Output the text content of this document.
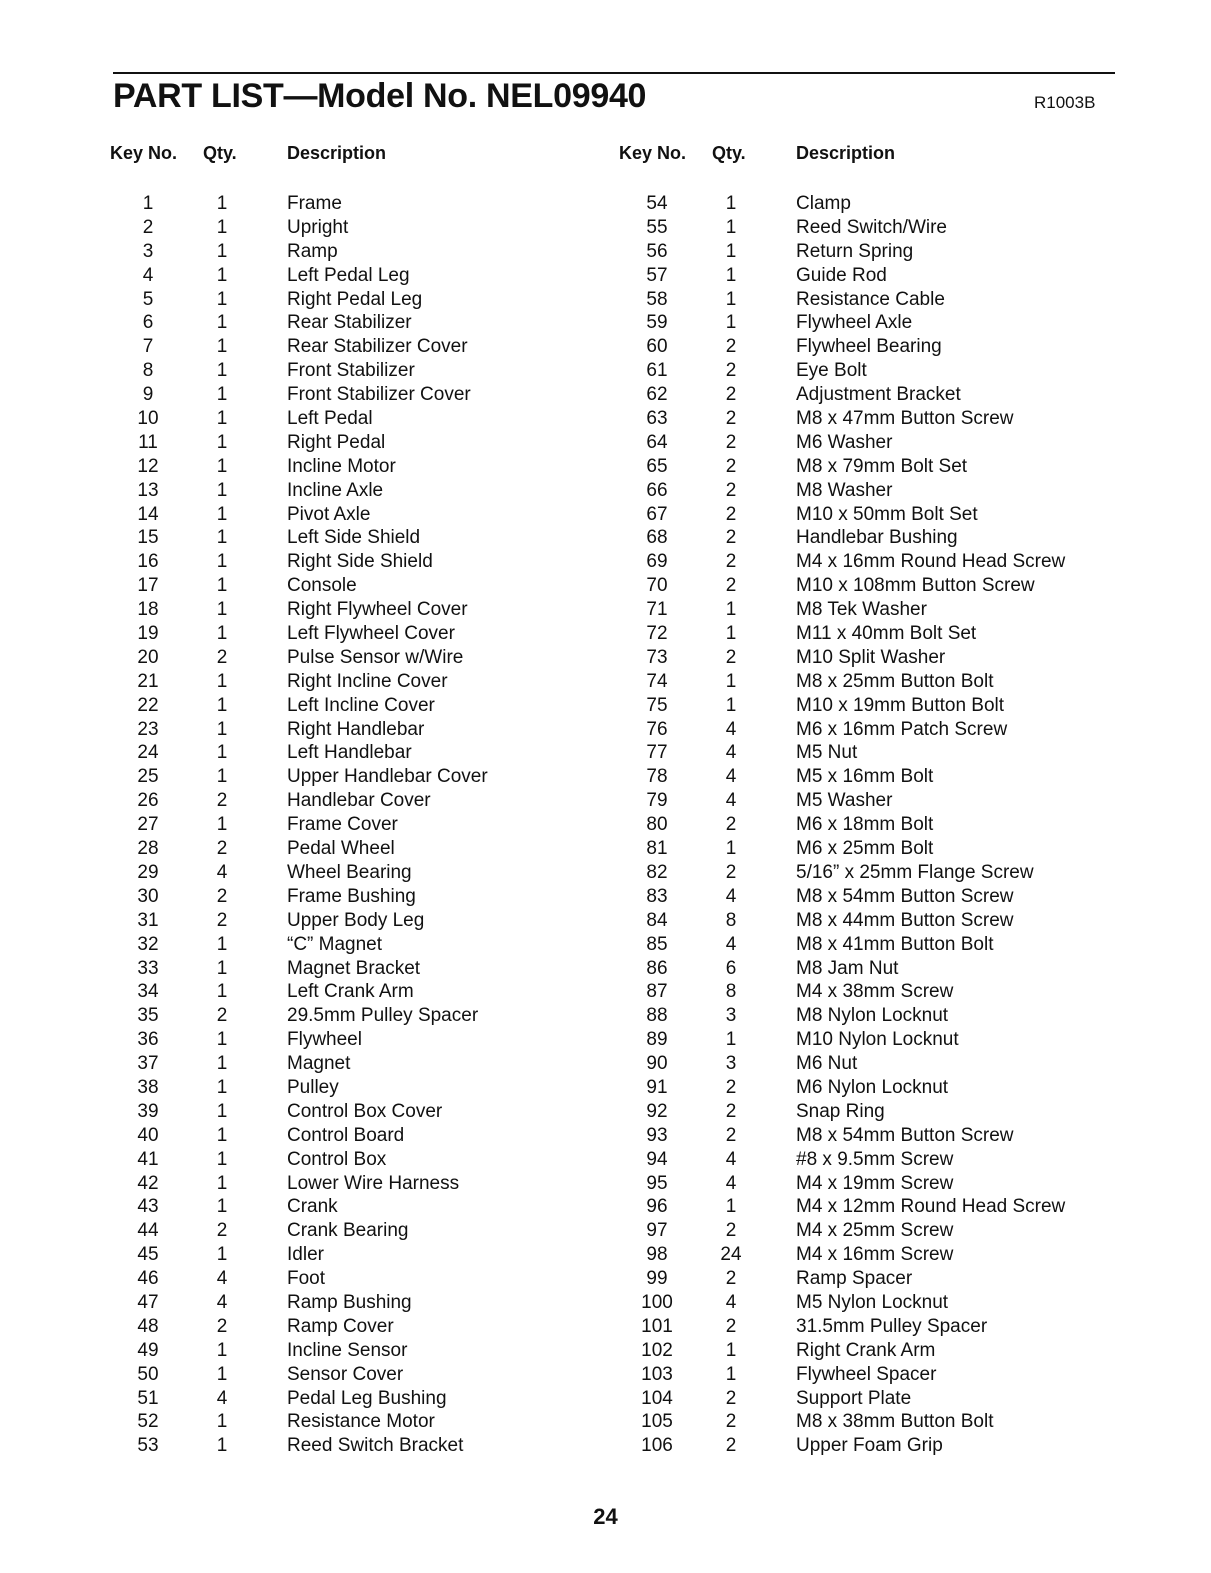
PART LIST—Model No. NEL09940	R1003B
Key No. Qty.	Description
1	1	Frame
2	1	Upright
3	1	Ramp
4	1	Left Pedal Leg
5	1	Right Pedal Leg
6	1	Rear Stabilizer
7	1	Rear Stabilizer Cover
8	1	Front Stabilizer
9	1	Front Stabilizer Cover
10	1	Left Pedal
11	1	Right Pedal
12	1	Incline Motor
13	1	Incline Axle
14	1	Pivot Axle
15	1	Left Side Shield
16	1	Right Side Shield
17	1	Console
18	1	Right Flywheel Cover
19	1	Left Flywheel Cover
20	2	Pulse Sensor w/Wire
21	1	Right Incline Cover
22	1	Left Incline Cover
23	1	Right Handlebar
24	1	Left Handlebar
25	1	Upper Handlebar Cover
26	2	Handlebar Cover
27	1	Frame Cover
28	2	Pedal Wheel
29	4	Wheel Bearing
30	2	Frame Bushing
31	2	Upper Body Leg
32	1	“C” Magnet
33	1	Magnet Bracket
34	1	Left Crank Arm
35	2	29.5mm Pulley Spacer
36	1	Flywheel
37	1	Magnet
38	1	Pulley
39	1	Control Box Cover
40	1	Control Board
41	1	Control Box
42	1	Lower Wire Harness
43	1	Crank
44	2	Crank Bearing
45	1	Idler
46	4	Foot
47	4	Ramp Bushing
48	2	Ramp Cover
49	1	Incline Sensor
50	1	Sensor Cover
51	4	Pedal Leg Bushing
52	1	Resistance Motor
53	1	Reed Switch Bracket
Key No. Qty.	Description
54	1	Clamp
55	1	Reed Switch/Wire
56	1	Return Spring
57	1	Guide Rod
58	1	Resistance Cable
59	1	Flywheel Axle
60	2	Flywheel Bearing
61	2	Eye Bolt
62	2	Adjustment Bracket
63	2	M8 x 47mm Button Screw
64	2	M6 Washer
65	2	M8 x 79mm Bolt Set
66	2	M8 Washer
67	2	M10 x 50mm Bolt Set
68	2	Handlebar Bushing
69	2	M4 x 16mm Round Head Screw
70	2	M10 x 108mm Button Screw
71	1	M8 Tek Washer
72	1	M11 x 40mm Bolt Set
73	2	M10 Split Washer
74	1	M8 x 25mm Button Bolt
75	1	M10 x 19mm Button Bolt
76	4	M6 x 16mm Patch Screw
77	4	M5 Nut
78	4	M5 x 16mm Bolt
79	4	M5 Washer
80	2	M6 x 18mm Bolt
81	1	M6 x 25mm Bolt
82	2	5/16” x 25mm Flange Screw
83	4	M8 x 54mm Button Screw
84	8	M8 x 44mm Button Screw
85	4	M8 x 41mm Button Bolt
86	6	M8 Jam Nut
87	8	M4 x 38mm Screw
88	3	M8 Nylon Locknut
89	1	M10 Nylon Locknut
90	3	M6 Nut
91	2	M6 Nylon Locknut
92	2	Snap Ring
93	2	M8 x 54mm Button Screw
94	4	#8 x 9.5mm Screw
95	4	M4 x 19mm Screw
96	1	M4 x 12mm Round Head Screw
97	2	M4 x 25mm Screw
98	24	M4 x 16mm Screw
99	2	Ramp Spacer
100	4	M5 Nylon Locknut
101	2	31.5mm Pulley Spacer
102	1	Right Crank Arm
103	1	Flywheel Spacer
104	2	Support Plate
105	2	M8 x 38mm Button Bolt
106	2	Upper Foam Grip
24
